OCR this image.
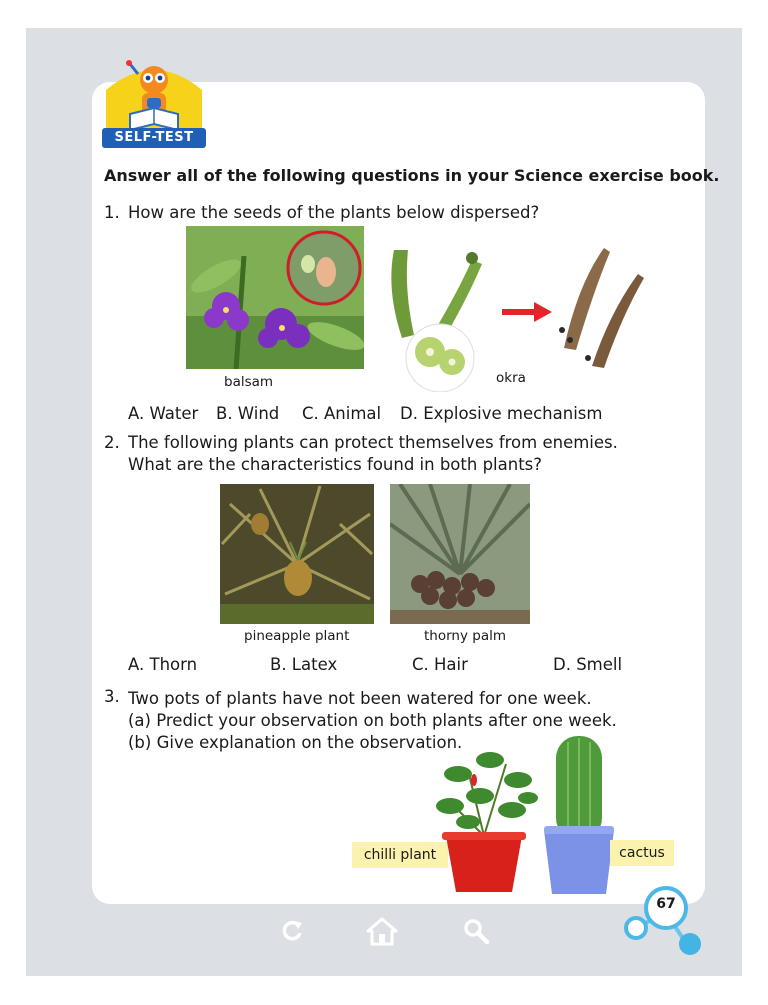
SELF-TEST
Answer all of the following questions in your Science exercise book.
1. How are the seeds of the plants below dispersed?
balsam	okra
A. Water B. Wind C. Animal D. Explosive mechanism
2. The following plants can protect themselves from enemies.
What are the characteristics found in both plants?
pineapple plant	thorny palm
A. Thorn	B. Latex	C. Hair	D. Smell
3. Two pots of plants have not been watered for one week.
(a) Predict your observation on both plants after one week.
(b) Give explanation on the observation.
chilli plant	cactus
67
